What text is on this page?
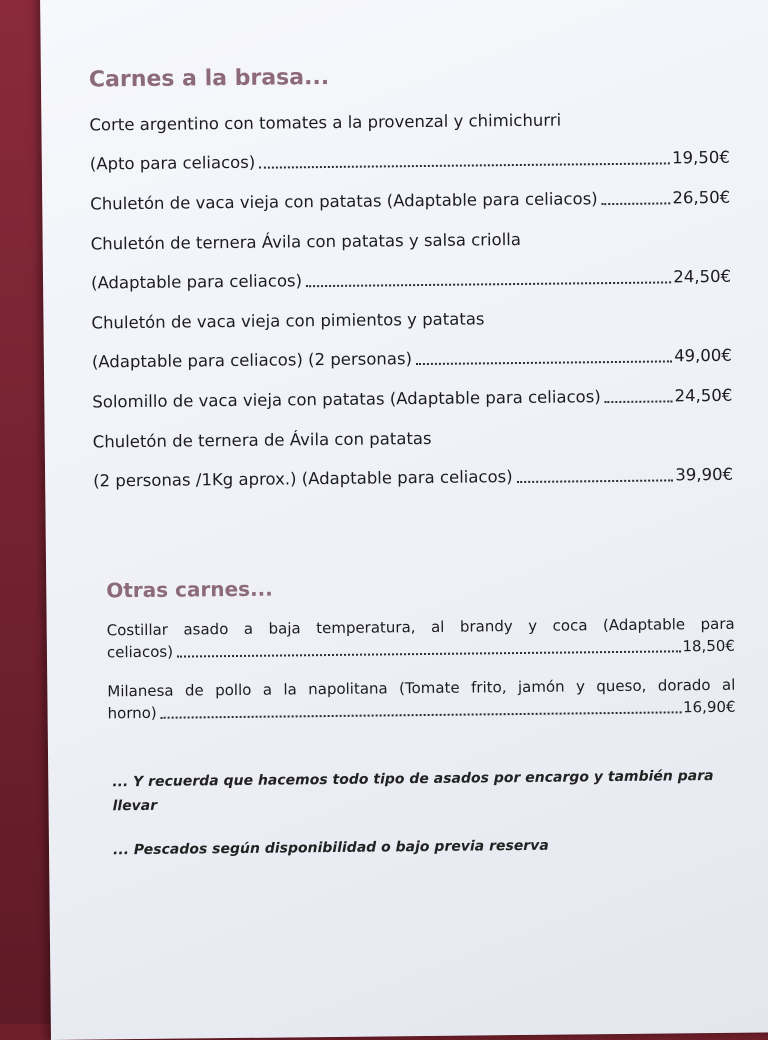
Carnes a la brasa...
Corte argentino con tomates a la provenzal y chimichurri
(Apto para celiacos)	19,50€
Chuletón de vaca vieja con patatas (Adaptable para celiacos)	26,50€
Chuletón de ternera Ávila con patatas y salsa criolla
(Adaptable para celiacos)	24,50€
Chuletón de vaca vieja con pimientos y patatas
(Adaptable para celiacos) (2 personas)	49,00€
Solomillo de vaca vieja con patatas (Adaptable para celiacos)	24,50€
Chuletón de ternera de Ávila con patatas
(2 personas /1Kg aprox.) (Adaptable para celiacos)	39,90€
Otras carnes...
Costillar asado a baja temperatura, al brandy y coca (Adaptable para
celiacos)	18,50€
Milanesa de pollo a la napolitana (Tomate frito, jamón y queso, dorado al
horno)	16,90€

... Y recuerda que hacemos todo tipo de asados por encargo y también para llevar

... Pescados según disponibilidad o bajo previa reserva
